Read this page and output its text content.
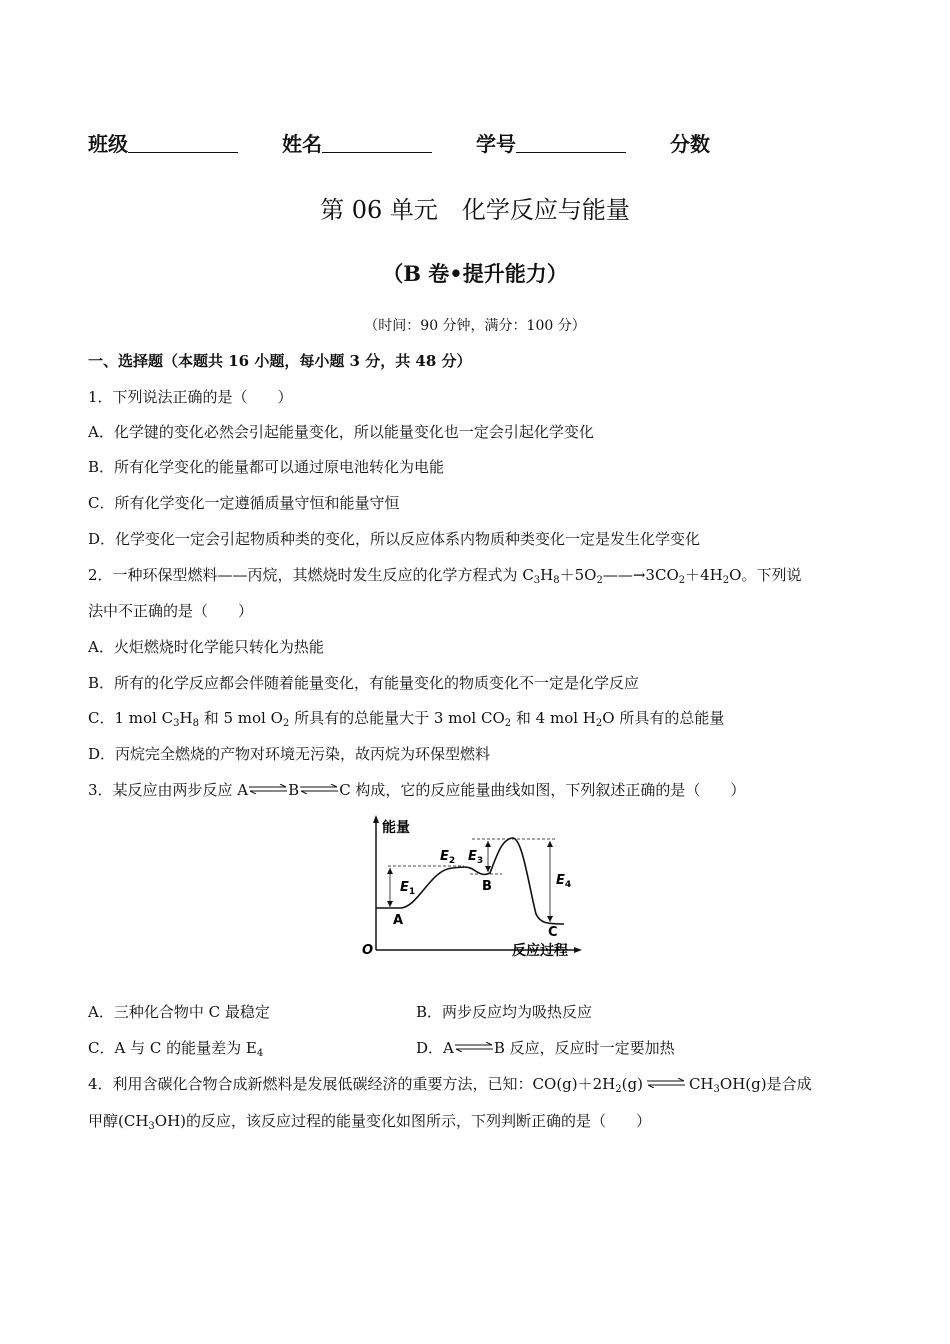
班级	姓名	学号	分数
第 06 单元　化学反应与能量
（B 卷•提升能力）
（时间：90 分钟，满分：100 分）
一、选择题（本题共 16 小题，每小题 3 分，共 48 分）
1．下列说法正确的是（　　）
A．化学键的变化必然会引起能量变化，所以能量变化也一定会引起化学变化
B．所有化学变化的能量都可以通过原电池转化为电能
C．所有化学变化一定遵循质量守恒和能量守恒
D．化学变化一定会引起物质种类的变化，所以反应体系内物质种类变化一定是发生化学变化
2．一种环保型燃料——丙烷，其燃烧时发生反应的化学方程式为 $C_3H_8+5O_2——\to 3CO_2+4H_2O$。下列说
法中不正确的是（　　）
A．火炬燃烧时化学能只转化为热能
B．所有的化学反应都会伴随着能量变化，有能量变化的物质变化不一定是化学反应
C．1 mol $C_3H_8$ 和 5 mol $O_2$ 所具有的总能量大于 3 mol $CO_2$ 和 4 mol $H_2O$ 所具有的总能量
D．丙烷完全燃烧的产物对环境无污染，故丙烷为环保型燃料
3．某反应由两步反应 A⇌B⇌C 构成，它的反应能量曲线如图，下列叙述正确的是（　　）
能量
反应过程
O
$E_1$
$E_2$ $E_3$
$E_4$
A
B
C
A．三种化合物中 C 最稳定	B．两步反应均为吸热反应
C．A 与 C 的能量差为 $E_4$	D．A⇌B 反应，反应时一定要加热
4．利用含碳化合物合成新燃料是发展低碳经济的重要方法，已知：$CO(g)+2H_2(g)\rightleftharpoons CH_3OH(g)$是合成
甲醇$(CH_3OH)$的反应，该反应过程的能量变化如图所示，下列判断正确的是（　　）
